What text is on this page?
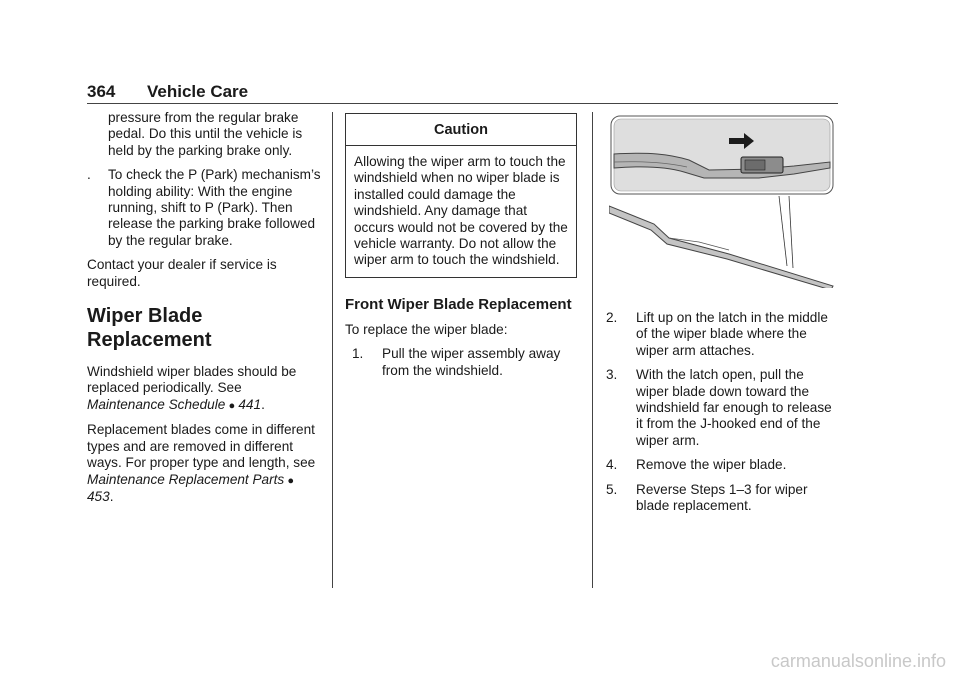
364 Vehicle Care

pressure from the regular brake pedal. Do this until the vehicle is held by the parking brake only.

. To check the P (Park) mechanism’s holding ability: With the engine running, shift to P (Park). Then release the parking brake followed by the regular brake.

Contact your dealer if service is required.

Wiper Blade Replacement

Windshield wiper blades should be replaced periodically. See Maintenance Schedule ⦁ 441.

Replacement blades come in different types and are removed in different ways. For proper type and length, see Maintenance Replacement Parts ⦁ 453.

Caution
Allowing the wiper arm to touch the windshield when no wiper blade is installed could damage the windshield. Any damage that occurs would not be covered by the vehicle warranty. Do not allow the wiper arm to touch the windshield.
Front Wiper Blade Replacement

To replace the wiper blade:

1. Pull the wiper assembly away from the windshield.

2. Lift up on the latch in the middle of the wiper blade where the wiper arm attaches.

3. With the latch open, pull the wiper blade down toward the windshield far enough to release it from the J-hooked end of the wiper arm.

4. Remove the wiper blade.

5. Reverse Steps 1–3 for wiper blade replacement.

carmanualsonline.info
